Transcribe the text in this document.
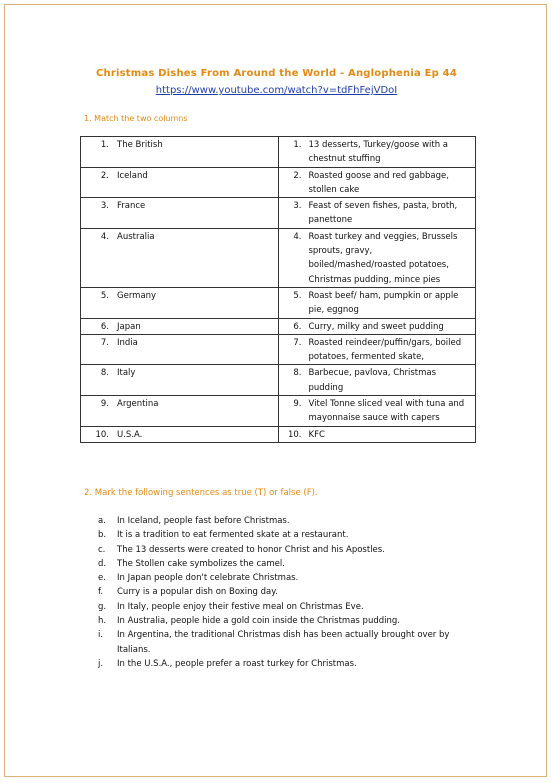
Christmas Dishes From Around the World - Anglophenia Ep 44
https://www.youtube.com/watch?v=tdFhFejVDoI
1. Match the two columns
1. The British	1. 13 desserts, Turkey/goose with a chestnut stuffing

2. Iceland	2. Roasted goose and red gabbage, stollen cake

3. France	3. Feast of seven fishes, pasta, broth, panettone

4. Australia	4. Roast turkey and veggies, Brussels sprouts, gravy, boiled/mashed/roasted potatoes, Christmas pudding, mince pies

5. Germany	5. Roast beef/ ham, pumpkin or apple pie, eggnog

6. Japan	6. Curry, milky and sweet pudding

7. India	7. Roasted reindeer/puffin/gars, boiled potatoes, fermented skate,

8. Italy	8. Barbecue, pavlova, Christmas pudding

9. Argentina	9. Vitel Tonne sliced veal with tuna and mayonnaise sauce with capers

10. U.S.A.	10. KFC
2. Mark the following sentences as true (T) or false (F).
a.	In Iceland, people fast before Christmas.
b.	It is a tradition to eat fermented skate at a restaurant.
c.	The 13 desserts were created to honor Christ and his Apostles.
d.	The Stollen cake symbolizes the camel.
e.	In Japan people don't celebrate Christmas.
f.	Curry is a popular dish on Boxing day.
g.	In Italy, people enjoy their festive meal on Christmas Eve.
h.	In Australia, people hide a gold coin inside the Christmas pudding.
i.	In Argentina, the traditional Christmas dish has been actually brought over by Italians.
j.	In the U.S.A., people prefer a roast turkey for Christmas.
